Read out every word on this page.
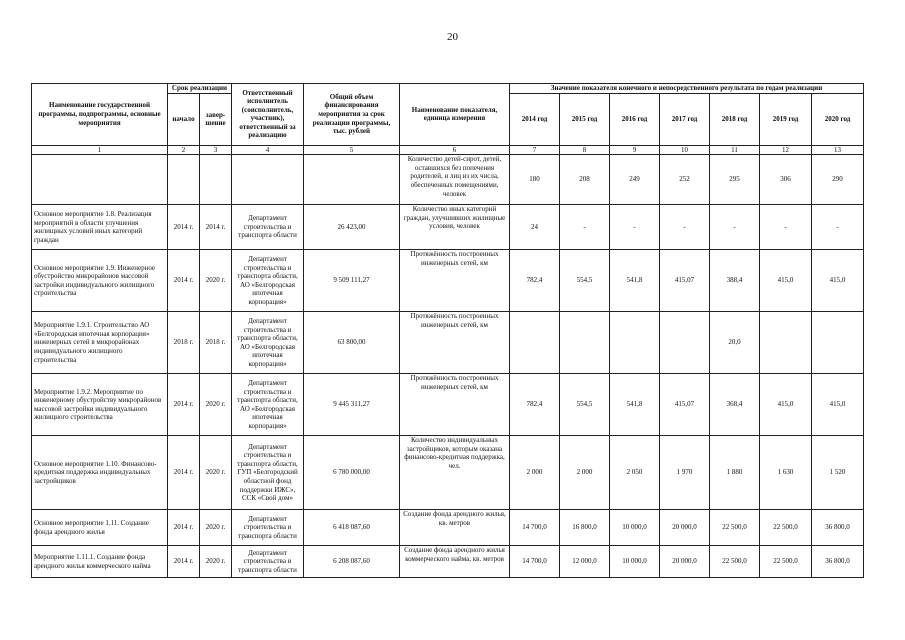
20
Наименование государственной программы, подпрограммы, основные мероприятия	Срок реализации		Ответственный исполнитель (соисполнитель, участник), ответственный за реализацию	Общий объем финансирования мероприятия за срок реализации программы, тыс. рублей	Наименование показателя, единица измерения	Значение показателя конечного и непосредственного результата по годам реализации						
	начало	завер-шение				2014 год	2015 год	2016 год	2017 год	2018 год	2019 год	2020 год
1	2	3	4	5	6	7	8	9	10	11	12	13
					Количество детей-сирот, детей, оставшихся без попечения родителей, и лиц из их числа, обеспеченных помещениями, человек	180	208	249	252	295	306	290
Основное мероприятие 1.8. Реализация мероприятий в области улучшения жилищных условий иных категорий граждан	2014 г.	2014 г.	Департамент строительства и транспорта области	26 423,00	Количество иных категорий граждан, улучшивших жилищные условия, человек	24	-	-	-	-	-	-
Основное мероприятие 1.9. Инженерное обустройство микрорайонов массовой застройки индивидуального жилищного строительства	2014 г.	2020 г.	Департамент строительства и транспорта области, АО «Белгородская ипотечная корпорация»	9 509 111,27	Протяжённость построенных инженерных сетей, км	782,4	554,5	541,8	415,07	388,4	415,0	415,0
Мероприятие 1.9.1. Строительство АО «Белгородская ипотечная корпорация» инженерных сетей в микрорайонах индивидуального жилищного строительства	2018 г.	2018 г.	Департамент строительства и транспорта области, АО «Белгородская ипотечная корпорация»	63 800,00	Протяжённость построенных инженерных сетей, км					20,0		
Мероприятие 1.9.2. Мероприятие по инженерному обустройству микрорайонов массовой застройки индивидуального жилищного строительства	2014 г.	2020 г.	Департамент строительства и транспорта области, АО «Белгородская ипотечная корпорация»	9 445 311,27	Протяжённость построенных инженерных сетей, км	782,4	554,5	541,8	415,07	368,4	415,0	415,0
Основное мероприятие 1.10. Финансово-кредитная поддержка индивидуальных застройщиков	2014 г.	2020 г.	Департамент строительства и транспорта области, ГУП «Белгородский областной фонд поддержки ИЖС», ССК «Свой дом»	6 780 000,00	Количество индивидуальных застройщиков, которым оказана финансово-кредитная поддержка, чел.	2 000	2 000	2 050	1 970	1 880	1 630	1 520
Основное мероприятие 1.11. Создание фонда арендного жилья	2014 г.	2020 г.	Департамент строительства и транспорта области	6 418 087,60	Создание фонда арендного жилья, кв. метров	14 700,0	16 800,0	10 000,0	20 000,0	22 500,0	22 500,0	36 800,0
Мероприятие 1.11.1. Создание фонда арендного жилья коммерческого найма	2014 г.	2020 г.	Департамент строительства и транспорта области	6 208 087,60	Создание фонда арендного жилья коммерческого найма, кв. метров	14 700,0	12 000,0	10 000,0	20 000,0	22 500,0	22 500,0	36 800,0
